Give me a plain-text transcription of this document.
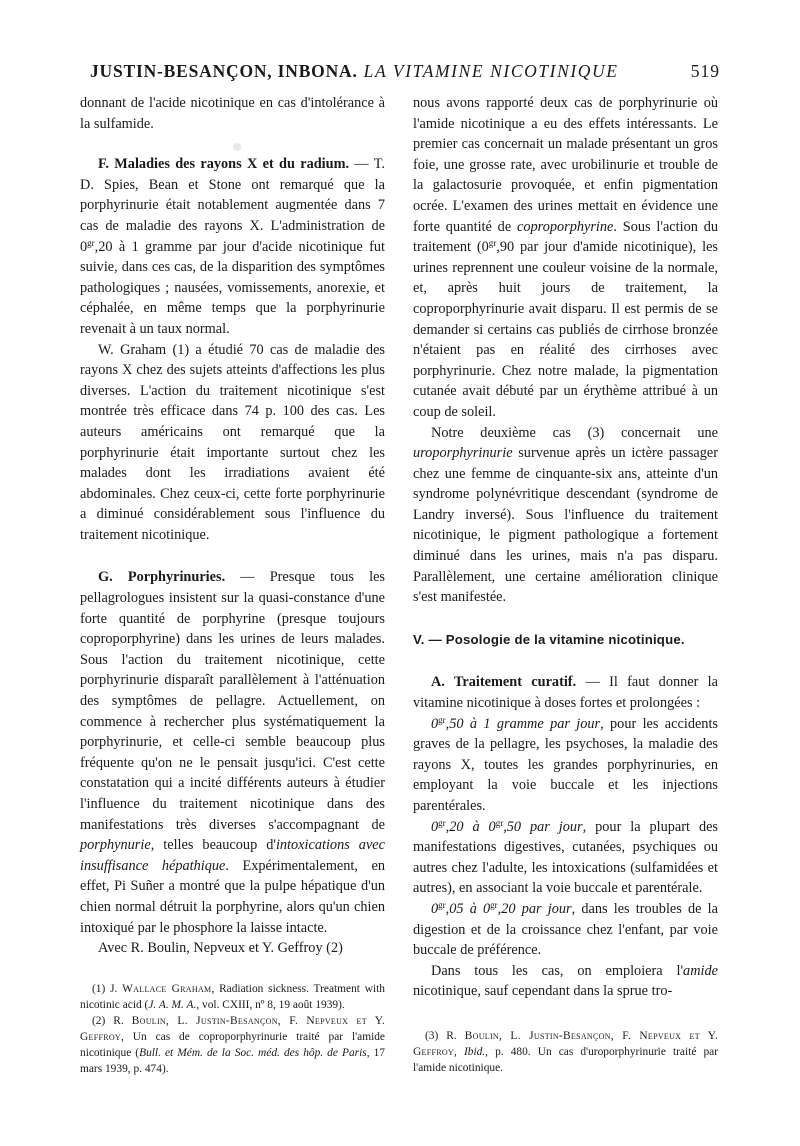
JUSTIN-BESANÇON, INBONA. LA VITAMINE NICOTINIQUE	519

donnant de l'acide nicotinique en cas d'intolérance à la sulfamide.

F. Maladies des rayons X et du radium. — T. D. Spies, Bean et Stone ont remarqué que la porphyrinurie était notablement augmentée dans 7 cas de maladie des rayons X. L'administration de $0^{gr},20$ à 1 gramme par jour d'acide nicotinique fut suivie, dans ces cas, de la disparition des symptômes pathologiques ; nausées, vomissements, anorexie, et céphalée, en même temps que la porphyrinurie revenait à un taux normal.

W. Graham (1) a étudié 70 cas de maladie des rayons X chez des sujets atteints d'affections les plus diverses. L'action du traitement nicotinique s'est montrée très efficace dans 74 p. 100 des cas. Les auteurs américains ont remarqué que la porphyrinurie était importante surtout chez les malades dont les irradiations avaient été abdominales. Chez ceux-ci, cette forte porphyrinurie a diminué considérablement sous l'influence du traitement nicotinique.

G. Porphyrinuries. — Presque tous les pellagrologues insistent sur la quasi-constance d'une forte quantité de porphyrine (presque toujours coproporphyrine) dans les urines de leurs malades. Sous l'action du traitement nicotinique, cette porphyrinurie disparaît parallèlement à l'atténuation des symptômes de pellagre. Actuellement, on commence à rechercher plus systématiquement la porphyrinurie, et celle-ci semble beaucoup plus fréquente qu'on ne le pensait jusqu'ici. C'est cette constatation qui a incité différents auteurs à étudier l'influence du traitement nicotinique dans des manifestations très diverses s'accompagnant de porphynurie, telles beaucoup d'intoxications avec insuffisance hépathique. Expérimentalement, en effet, Pi Suñer a montré que la pulpe hépatique d'un chien normal détruit la porphyrine, alors qu'un chien intoxiqué par le phosphore la laisse intacte.

Avec R. Boulin, Nepveux et Y. Geffroy (2)

(1) J. Wallace Graham, Radiation sickness. Treatment with nicotinic acid (J. A. M. A., vol. CXIII, nº 8, 19 août 1939).

(2) R. Boulin, L. Justin-Besançon, F. Nepveux et Y. Geffroy, Un cas de coproporphyrinurie traité par l'amide nicotinique (Bull. et Mém. de la Soc. méd. des hôp. de Paris, 17 mars 1939, p. 474).

nous avons rapporté deux cas de porphyrinurie où l'amide nicotinique a eu des effets intéressants. Le premier cas concernait un malade présentant un gros foie, une grosse rate, avec urobilinurie et trouble de la galactosurie provoquée, et enfin pigmentation ocrée. L'examen des urines mettait en évidence une forte quantité de coproporphyrine. Sous l'action du traitement ($0^{gr},90$ par jour d'amide nicotinique), les urines reprennent une couleur voisine de la normale, et, après huit jours de traitement, la coproporphyrinurie avait disparu. Il est permis de se demander si certains cas publiés de cirrhose bronzée n'étaient pas en réalité des cirrhoses avec porphyrinurie. Chez notre malade, la pigmentation cutanée avait débuté par un érythème attribué à un coup de soleil.

Notre deuxième cas (3) concernait une uroporphyrinurie survenue après un ictère passager chez une femme de cinquante-six ans, atteinte d'un syndrome polynévritique descendant (syndrome de Landry inversé). Sous l'influence du traitement nicotinique, le pigment pathologique a fortement diminué dans les urines, mais n'a pas disparu. Parallèlement, une certaine amélioration clinique s'est manifestée.

V. — Posologie de la vitamine nicotinique.

A. Traitement curatif. — Il faut donner la vitamine nicotinique à doses fortes et prolongées :

$0^{gr},50$ à 1 gramme par jour, pour les accidents graves de la pellagre, les psychoses, la maladie des rayons X, toutes les grandes porphyrinuries, en employant la voie buccale et les injections parentérales.

$0^{gr},20$ à $0^{gr},50$ par jour, pour la plupart des manifestations digestives, cutanées, psychiques ou autres chez l'adulte, les intoxications (sulfamidées et autres), en associant la voie buccale et parentérale.

$0^{gr},05$ à $0^{gr},20$ par jour, dans les troubles de la digestion et de la croissance chez l'enfant, par voie buccale de préférence.

Dans tous les cas, on emploiera l'amide nicotinique, sauf cependant dans la sprue tro-

(3) R. Boulin, L. Justin-Besançon, F. Nepveux et Y. Geffroy, Ibid., p. 480. Un cas d'uroporphyrinurie traité par l'amide nicotinique.
